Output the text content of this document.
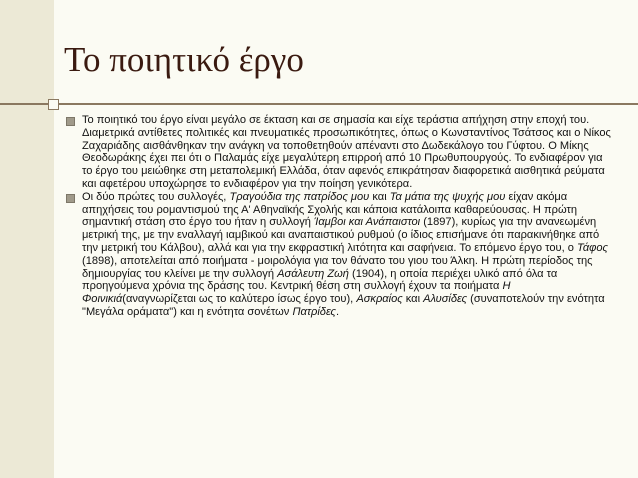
Το ποιητικό έργο

Το ποιητικό του έργο είναι μεγάλο σε έκταση και σε σημασία και είχε τεράστια απήχηση στην εποχή του. Διαμετρικά αντίθετες πολιτικές και πνευματικές προσωπικότητες, όπως ο Κωνσταντίνος Τσάτσος και ο Νίκος Ζαχαριάδης αισθάνθηκαν την ανάγκη να τοποθετηθούν απέναντι στο Δωδεκάλογο του Γύφτου. Ο Μίκης Θεοδωράκης έχει πει ότι ο Παλαμάς είχε μεγαλύτερη επιρροή από 10 Πρωθυπουργούς. Το ενδιαφέρον για το έργο του μειώθηκε στη μεταπολεμική Ελλάδα, όταν αφενός επικράτησαν διαφορετικά αισθητικά ρεύματα και αφετέρου υποχώρησε το ενδιαφέρον για την ποίηση γενικότερα.

Οι δύο πρώτες του συλλογές, Τραγούδια της πατρίδος μου και Τα μάτια της ψυχής μου είχαν ακόμα απηχήσεις του ρομαντισμού της Α' Αθηναϊκής Σχολής και κάποια κατάλοιπα καθαρεύουσας. Η πρώτη σημαντική στάση στο έργο του ήταν η συλλογή Ίαμβοι και Ανάπαιστοι (1897), κυρίως για την ανανεωμένη μετρική της, με την εναλλαγή ιαμβικού και αναπαιστικού ρυθμού (ο ίδιος επισήμανε ότι παρακινήθηκε από την μετρική του Κάλβου), αλλά και για την εκφραστική λιτότητα και σαφήνεια. Το επόμενο έργο του, ο Τάφος (1898), αποτελείται από ποιήματα - μοιρολόγια για τον θάνατο του γιου του Άλκη. Η πρώτη περίοδος της δημιουργίας του κλείνει με την συλλογή Ασάλευτη Ζωή (1904), η οποία περιέχει υλικό από όλα τα προηγούμενα χρόνια της δράσης του. Κεντρική θέση στη συλλογή έχουν τα ποιήματα Η Φοινικιά(αναγνωρίζεται ως το καλύτερο ίσως έργο του), Ασκραίος και Αλυσίδες (συναποτελούν την ενότητα "Μεγάλα οράματα") και η ενότητα σονέτων Πατρίδες.
